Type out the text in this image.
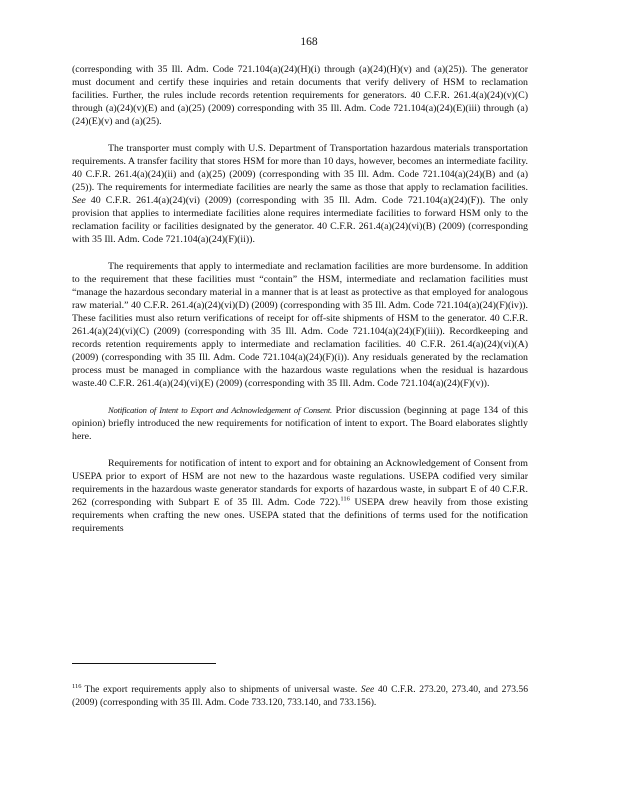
168

(corresponding with 35 Ill. Adm. Code 721.104(a)(24)(H)(i) through (a)(24)(H)(v) and (a)(25)). The generator must document and certify these inquiries and retain documents that verify delivery of HSM to reclamation facilities. Further, the rules include records retention requirements for generators. 40 C.F.R. 261.4(a)(24)(v)(C) through (a)(24)(v)(E) and (a)(25) (2009) corresponding with 35 Ill. Adm. Code 721.104(a)(24)(E)(iii) through (a)(24)(E)(v) and (a)(25).

The transporter must comply with U.S. Department of Transportation hazardous materials transportation requirements. A transfer facility that stores HSM for more than 10 days, however, becomes an intermediate facility. 40 C.F.R. 261.4(a)(24)(ii) and (a)(25) (2009) (corresponding with 35 Ill. Adm. Code 721.104(a)(24)(B) and (a)(25)). The requirements for intermediate facilities are nearly the same as those that apply to reclamation facilities. See 40 C.F.R. 261.4(a)(24)(vi) (2009) (corresponding with 35 Ill. Adm. Code 721.104(a)(24)(F)). The only provision that applies to intermediate facilities alone requires intermediate facilities to forward HSM only to the reclamation facility or facilities designated by the generator. 40 C.F.R. 261.4(a)(24)(vi)(B) (2009) (corresponding with 35 Ill. Adm. Code 721.104(a)(24)(F)(ii)).

The requirements that apply to intermediate and reclamation facilities are more burdensome. In addition to the requirement that these facilities must “contain” the HSM, intermediate and reclamation facilities must “manage the hazardous secondary material in a manner that is at least as protective as that employed for analogous raw material.” 40 C.F.R. 261.4(a)(24)(vi)(D) (2009) (corresponding with 35 Ill. Adm. Code 721.104(a)(24)(F)(iv)). These facilities must also return verifications of receipt for off-site shipments of HSM to the generator. 40 C.F.R. 261.4(a)(24)(vi)(C) (2009) (corresponding with 35 Ill. Adm. Code 721.104(a)(24)(F)(iii)). Recordkeeping and records retention requirements apply to intermediate and reclamation facilities. 40 C.F.R. 261.4(a)(24)(vi)(A) (2009) (corresponding with 35 Ill. Adm. Code 721.104(a)(24)(F)(i)). Any residuals generated by the reclamation process must be managed in compliance with the hazardous waste regulations when the residual is hazardous waste.40 C.F.R. 261.4(a)(24)(vi)(E) (2009) (corresponding with 35 Ill. Adm. Code 721.104(a)(24)(F)(v)).

Notification of Intent to Export and Acknowledgement of Consent. Prior discussion (beginning at page 134 of this opinion) briefly introduced the new requirements for notification of intent to export. The Board elaborates slightly here.

Requirements for notification of intent to export and for obtaining an Acknowledgement of Consent from USEPA prior to export of HSM are not new to the hazardous waste regulations. USEPA codified very similar requirements in the hazardous waste generator standards for exports of hazardous waste, in subpart E of 40 C.F.R. 262 (corresponding with Subpart E of 35 Ill. Adm. Code 722).$^{116}$ USEPA drew heavily from those existing requirements when crafting the new ones. USEPA stated that the definitions of terms used for the notification requirements

$^{116}$ The export requirements apply also to shipments of universal waste. See 40 C.F.R. 273.20, 273.40, and 273.56 (2009) (corresponding with 35 Ill. Adm. Code 733.120, 733.140, and 733.156).
